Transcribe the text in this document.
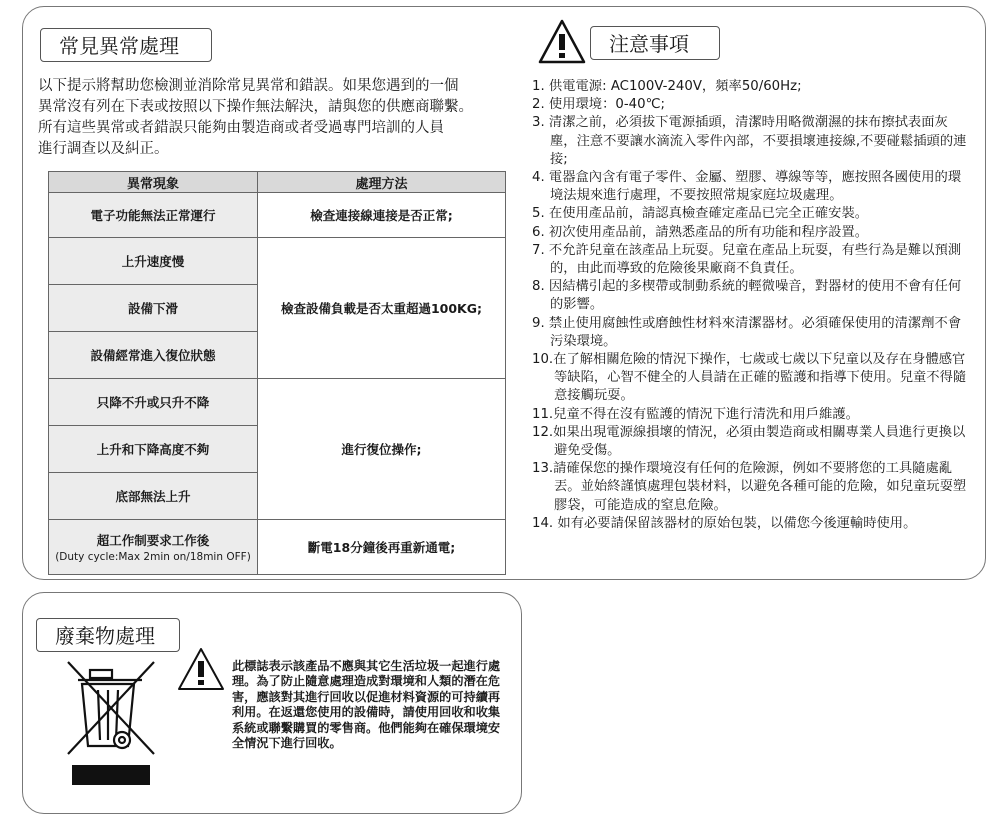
常見異常處理

以下提示將幫助您檢測並消除常見異常和錯誤。如果您遇到的一個

異常沒有列在下表或按照以下操作無法解決，請與您的供應商聯繫。

所有這些異常或者錯誤只能夠由製造商或者受過專門培訓的人員

進行調查以及糾正。

異常現象	處理方法
電子功能無法正常運行	檢查連接線連接是否正常;
上升速度慢	檢查設備負載是否太重超過100KG;
設備下滑	
設備經常進入復位狀態	
只降不升或只升不降	進行復位操作;
上升和下降高度不夠	
底部無法上升	
超工作制要求工作後
(Duty cycle:Max 2min on/18min OFF)	斷電18分鐘後再重新通電;
注意事項
1. 供電電源: AC100V-240V，頻率50/60Hz;
2. 使用環境：0-40℃;
3. 清潔之前，必須拔下電源插頭，清潔時用略微潮濕的抹布擦拭表面灰塵，注意不要讓水滴流入零件內部，不要損壞連接線,不要碰鬆插頭的連接;
4. 電器盒內含有電子零件、金屬、塑膠、導線等等，應按照各國使用的環境法規來進行處理，不要按照常規家庭垃圾處理。
5. 在使用產品前，請認真檢查確定產品已完全正確安裝。
6. 初次使用產品前，請熟悉產品的所有功能和程序設置。
7. 不允許兒童在該產品上玩耍。兒童在產品上玩耍，有些行為是難以預測的，由此而導致的危險後果廠商不負責任。
8. 因結構引起的多楔帶或制動系統的輕微噪音，對器材的使用不會有任何的影響。
9. 禁止使用腐蝕性或磨蝕性材料來清潔器材。必須確保使用的清潔劑不會污染環境。
10.在了解相關危險的情況下操作，七歲或七歲以下兒童以及存在身體感官等缺陷，心智不健全的人員請在正確的監護和指導下使用。兒童不得隨意接觸玩耍。
11.兒童不得在沒有監護的情況下進行清洗和用戶維護。
12.如果出現電源線損壞的情況，必須由製造商或相關專業人員進行更換以避免受傷。
13.請確保您的操作環境沒有任何的危險源，例如不要將您的工具隨處亂丟。並始終謹慎處理包裝材料，以避免各種可能的危險，如兒童玩耍塑膠袋，可能造成的窒息危險。
14. 如有必要請保留該器材的原始包裝，以備您今後運輸時使用。
廢棄物處理
此標誌表示該產品不應與其它生活垃圾一起進行處理。為了防止隨意處理造成對環境和人類的潛在危害，應該對其進行回收以促進材料資源的可持續再利用。在返還您使用的設備時，請使用回收和收集系統或聯繫購買的零售商。他們能夠在確保環境安全情況下進行回收。
